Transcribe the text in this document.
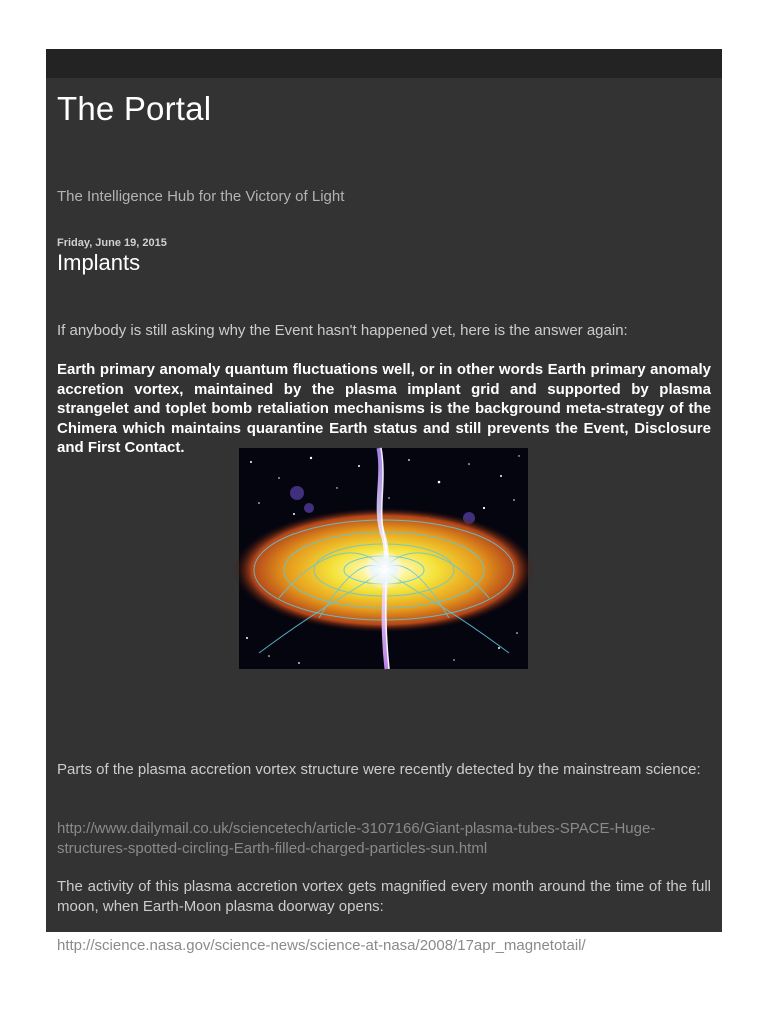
The Portal

The Intelligence Hub for the Victory of Light

Friday, June 19, 2015
Implants

If anybody is still asking why the Event hasn't happened yet, here is the answer again:

Earth primary anomaly quantum fluctuations well, or in other words Earth primary anomaly accretion vortex, maintained by the plasma implant grid and supported by plasma strangelet and toplet bomb retaliation mechanisms is the background meta-strategy of the Chimera which maintains quarantine Earth status and still prevents the Event, Disclosure and First Contact.

Parts of the plasma accretion vortex structure were recently detected by the mainstream science:

http://www.dailymail.co.uk/sciencetech/article-3107166/Giant-plasma-tubes-SPACE-Huge-structures-spotted-circling-Earth-filled-charged-particles-sun.html

The activity of this plasma accretion vortex gets magnified every month around the time of the full moon, when Earth-Moon plasma doorway opens:

http://science.nasa.gov/science-news/science-at-nasa/2008/17apr_magnetotail/
